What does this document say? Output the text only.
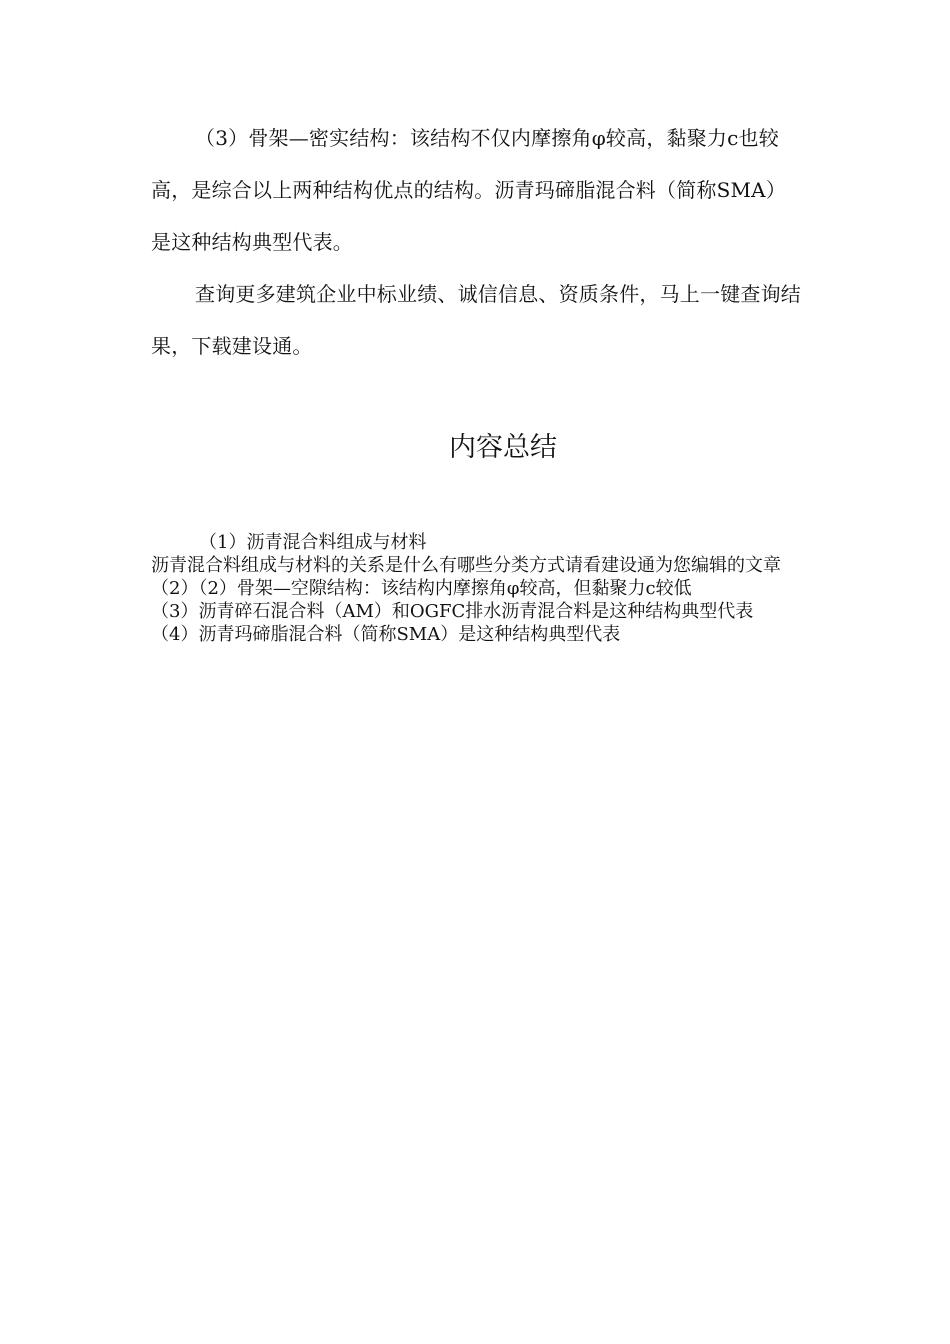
（3）骨架—密实结构：该结构不仅内摩擦角φ较高，黏聚力c也较高，是综合以上两种结构优点的结构。沥青玛碲脂混合料（简称SMA）是这种结构典型代表。

查询更多建筑企业中标业绩、诚信信息、资质条件，马上一键查询结果，下载建设通。

内容总结

（1）沥青混合料组成与材料

沥青混合料组成与材料的关系是什么有哪些分类方式请看建设通为您编辑的文章

（2）（2）骨架—空隙结构：该结构内摩擦角φ较高，但黏聚力c较低

（3）沥青碎石混合料（AM）和OGFC排水沥青混合料是这种结构典型代表

（4）沥青玛碲脂混合料（简称SMA）是这种结构典型代表
